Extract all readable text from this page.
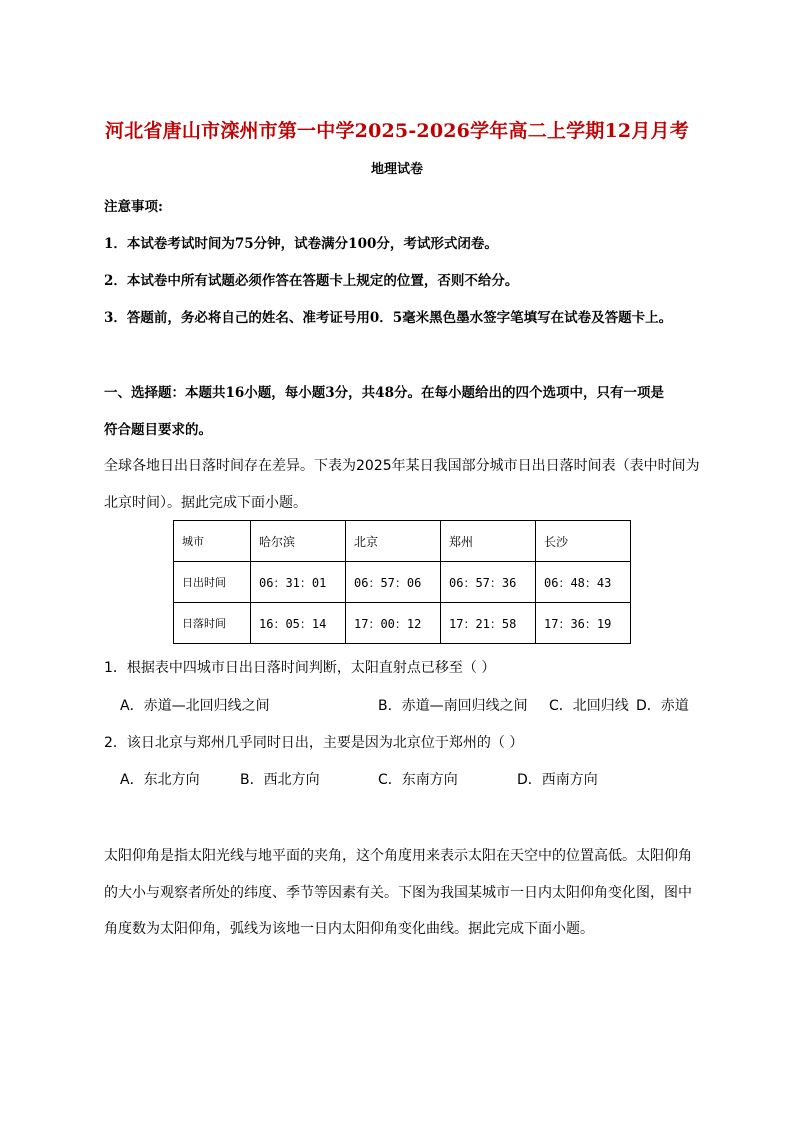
河北省唐山市滦州市第一中学2025-2026学年高二上学期12月月考
地理试卷
注意事项:
1．本试卷考试时间为75分钟，试卷满分100分，考试形式闭卷。
2．本试卷中所有试题必须作答在答题卡上规定的位置，否则不给分。
3．答题前，务必将自己的姓名、准考证号用0．5毫米黑色墨水签字笔填写在试卷及答题卡上。
一、选择题：本题共16小题，每小题3分，共48分。在每小题给出的四个选项中，只有一项是
符合题目要求的。
全球各地日出日落时间存在差异。下表为2025年某日我国部分城市日出日落时间表（表中时间为
北京时间）。据此完成下面小题。
城市	哈尔滨	北京	郑州	长沙
日出时间	06：31：01	06：57：06	06：57：36	06：48：43
日落时间	16：05：14	17：00：12	17：21：58	17：36：19
1．根据表中四城市日出日落时间判断，太阳直射点已移至（ ）
A．赤道—北回归线之间	B．赤道—南回归线之间 C．北回归线 D．赤道
2．该日北京与郑州几乎同时日出，主要是因为北京位于郑州的（ ）
A．东北方向	B．西北方向	C．东南方向	D．西南方向
太阳仰角是指太阳光线与地平面的夹角，这个角度用来表示太阳在天空中的位置高低。太阳仰角
的大小与观察者所处的纬度、季节等因素有关。下图为我国某城市一日内太阳仰角变化图，图中
角度数为太阳仰角，弧线为该地一日内太阳仰角变化曲线。据此完成下面小题。
